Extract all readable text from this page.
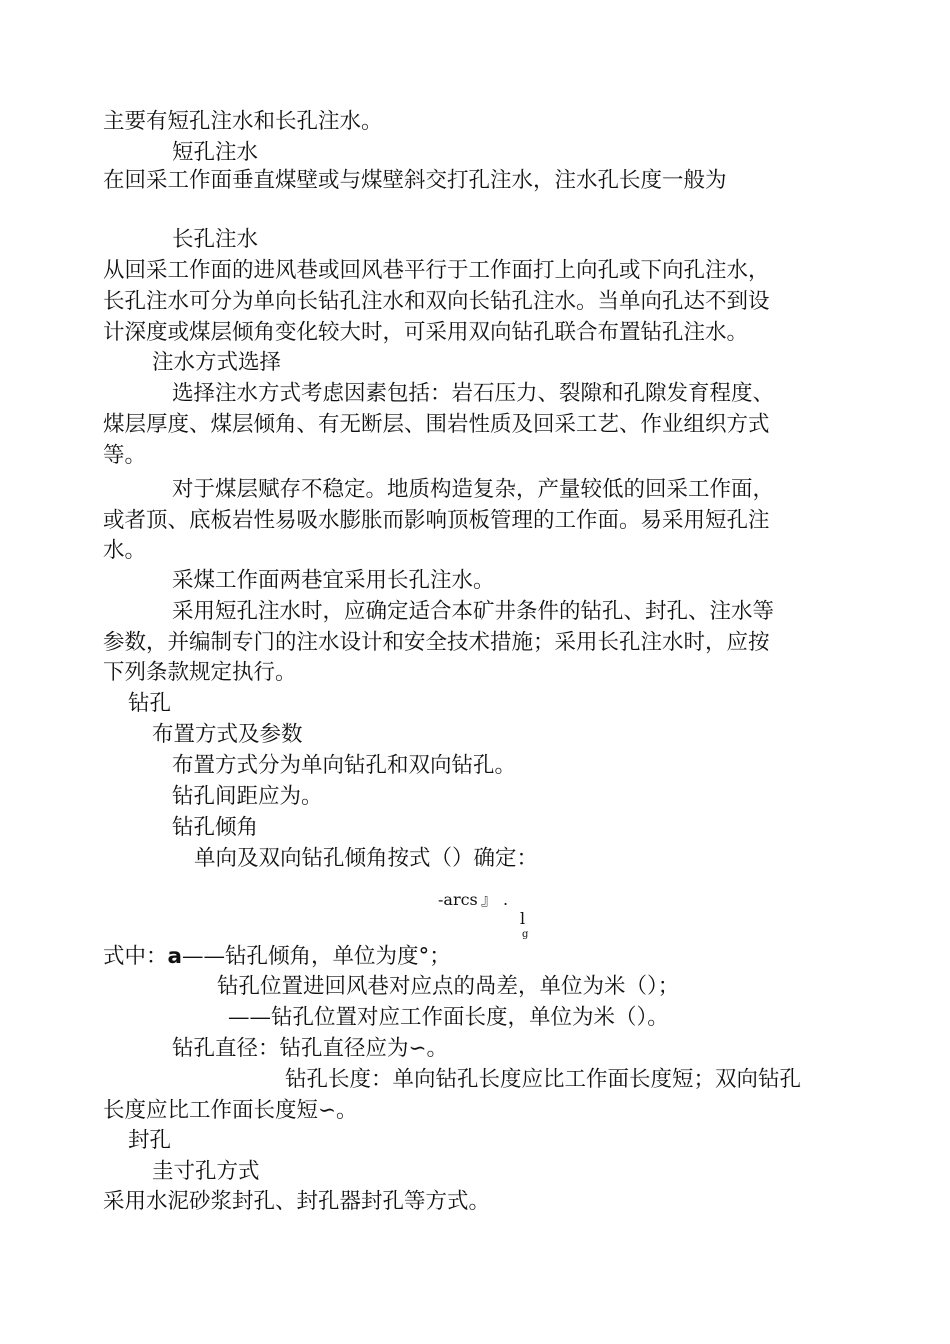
主要有短孔注水和长孔注水。
短孔注水
在回采工作面垂直煤壁或与煤壁斜交打孔注水，注水孔长度一般为
长孔注水
从回采工作面的进风巷或回风巷平行于工作面打上向孔或下向孔注水，
长孔注水可分为单向长钻孔注水和双向长钻孔注水。当单向孔达不到设
计深度或煤层倾角变化较大时，可采用双向钻孔联合布置钻孔注水。
注水方式选择
选择注水方式考虑因素包括：岩石压力、裂隙和孔隙发育程度、
煤层厚度、煤层倾角、有无断层、围岩性质及回采工艺、作业组织方式
等。
对于煤层赋存不稳定。地质构造复杂，产量较低的回采工作面，
或者顶、底板岩性易吸水膨胀而影响顶板管理的工作面。易采用短孔注
水。
采煤工作面两巷宜采用长孔注水。
采用短孔注水时，应确定适合本矿井条件的钻孔、封孔、注水等
参数，并编制专门的注水设计和安全技术措施；采用长孔注水时，应按
下列条款规定执行。
钻孔
布置方式及参数
布置方式分为单向钻孔和双向钻孔。
钻孔间距应为。
钻孔倾角
单向及双向钻孔倾角按式（）确定：
-arcs 』 .
l
g
式中：a——钻孔倾角，单位为度°；
钻孔位置进回风巷对应点的咼差，单位为米（）；
——钻孔位置对应工作面长度，单位为米（）。
钻孔直径：钻孔直径应为∽。
钻孔长度：单向钻孔长度应比工作面长度短；双向钻孔
长度应比工作面长度短∽。
封孔
圭寸孔方式
采用水泥砂浆封孔、封孔器封孔等方式。
